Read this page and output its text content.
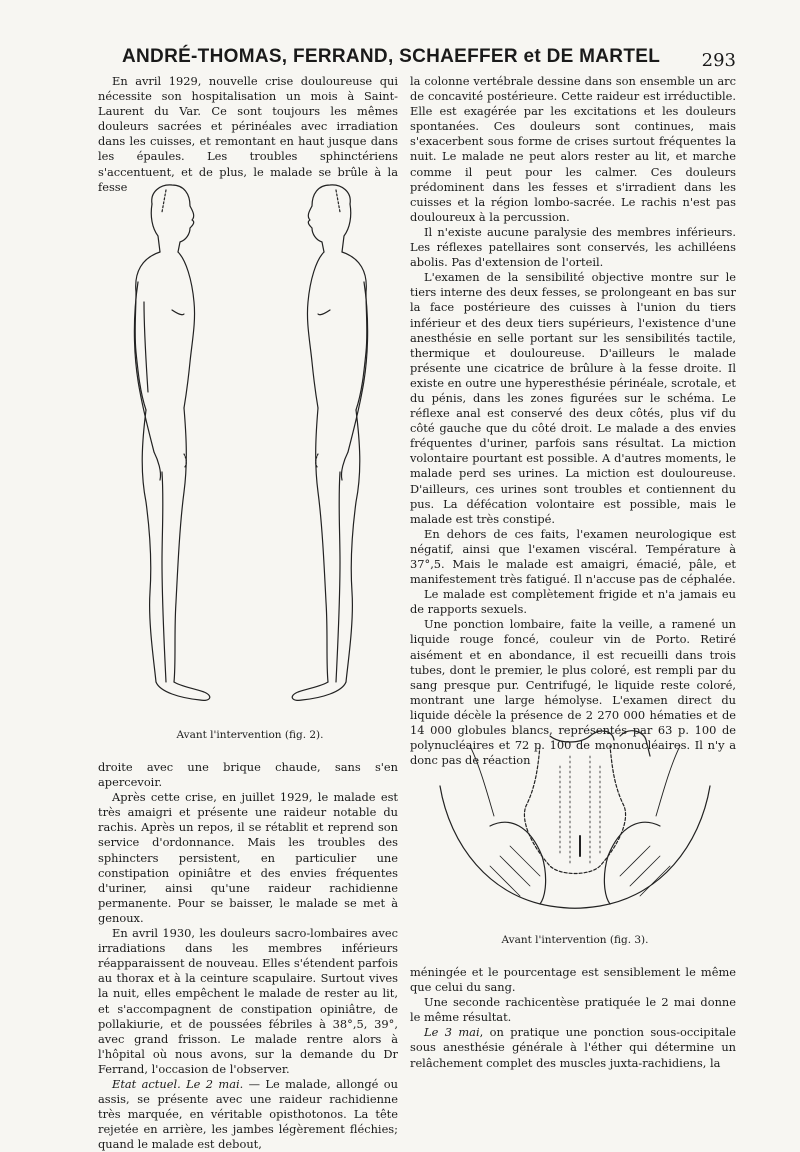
ANDRÉ-THOMAS, FERRAND, SCHAEFFER et DE MARTEL 293

En avril 1929, nouvelle crise douloureuse qui nécessite son hospitalisation un mois à Saint-Laurent du Var. Ce sont toujours les mêmes douleurs sacrées et périnéales avec irradiation dans les cuisses, et remontant en haut jusque dans les épaules. Les troubles sphinctériens s'accentuent, et de plus, le malade se brûle à la fesse

Avant l'intervention (fig. 2).

droite avec une brique chaude, sans s'en apercevoir.

Après cette crise, en juillet 1929, le malade est très amaigri et présente une raideur notable du rachis. Après un repos, il se rétablit et reprend son service d'ordonnance. Mais les troubles des sphincters persistent, en particulier une constipation opiniâtre et des envies fréquentes d'uriner, ainsi qu'une raideur rachidienne permanente. Pour se baisser, le malade se met à genoux.

En avril 1930, les douleurs sacro-lombaires avec irradiations dans les membres inférieurs réapparaissent de nouveau. Elles s'étendent parfois au thorax et à la ceinture scapulaire. Surtout vives la nuit, elles empêchent le malade de rester au lit, et s'accompagnent de constipation opiniâtre, de pollakiurie, et de poussées fébriles à 38°,5, 39°, avec grand frisson. Le malade rentre alors à l'hôpital où nous avons, sur la demande du Dr Ferrand, l'occasion de l'observer.

Etat actuel. Le 2 mai. — Le malade, allongé ou assis, se présente avec une raideur rachidienne très marquée, en véritable opisthotonos. La tête rejetée en arrière, les jambes légèrement fléchies; quand le malade est debout,

la colonne vertébrale dessine dans son ensemble un arc de concavité postérieure. Cette raideur est irréductible. Elle est exagérée par les excitations et les douleurs spontanées. Ces douleurs sont continues, mais s'exacerbent sous forme de crises surtout fréquentes la nuit. Le malade ne peut alors rester au lit, et marche comme il peut pour les calmer. Ces douleurs prédominent dans les fesses et s'irradient dans les cuisses et la région lombo-sacrée. Le rachis n'est pas douloureux à la percussion.

Il n'existe aucune paralysie des membres inférieurs. Les réflexes patellaires sont conservés, les achilléens abolis. Pas d'extension de l'orteil.

L'examen de la sensibilité objective montre sur le tiers interne des deux fesses, se prolongeant en bas sur la face postérieure des cuisses à l'union du tiers inférieur et des deux tiers supérieurs, l'existence d'une anesthésie en selle portant sur les sensibilités tactile, thermique et douloureuse. D'ailleurs le malade présente une cicatrice de brûlure à la fesse droite. Il existe en outre une hyperesthésie périnéale, scrotale, et du pénis, dans les zones figurées sur le schéma. Le réflexe anal est conservé des deux côtés, plus vif du côté gauche que du côté droit. Le malade a des envies fréquentes d'uriner, parfois sans résultat. La miction volontaire pourtant est possible. A d'autres moments, le malade perd ses urines. La miction est douloureuse. D'ailleurs, ces urines sont troubles et contiennent du pus. La défécation volontaire est possible, mais le malade est très constipé.

En dehors de ces faits, l'examen neurologique est négatif, ainsi que l'examen viscéral. Température à 37°,5. Mais le malade est amaigri, émacié, pâle, et manifestement très fatigué. Il n'accuse pas de céphalée.

Le malade est complètement frigide et n'a jamais eu de rapports sexuels.

Une ponction lombaire, faite la veille, a ramené un liquide rouge foncé, couleur vin de Porto. Retiré aisément et en abondance, il est recueilli dans trois tubes, dont le premier, le plus coloré, est rempli par du sang presque pur. Centrifugé, le liquide reste coloré, montrant une large hémolyse. L'examen direct du liquide décèle la présence de 2 270 000 hématies et de 14 000 globules blancs, représentés par 63 p. 100 de polynucléaires et 72 p. 100 de mononucléaires. Il n'y a donc pas de réaction

Avant l'intervention (fig. 3).

méningée et le pourcentage est sensiblement le même que celui du sang.

Une seconde rachicentèse pratiquée le 2 mai donne le même résultat.

Le 3 mai, on pratique une ponction sous-occipitale sous anesthésie générale à l'éther qui détermine un relâchement complet des muscles juxta-rachidiens, la
